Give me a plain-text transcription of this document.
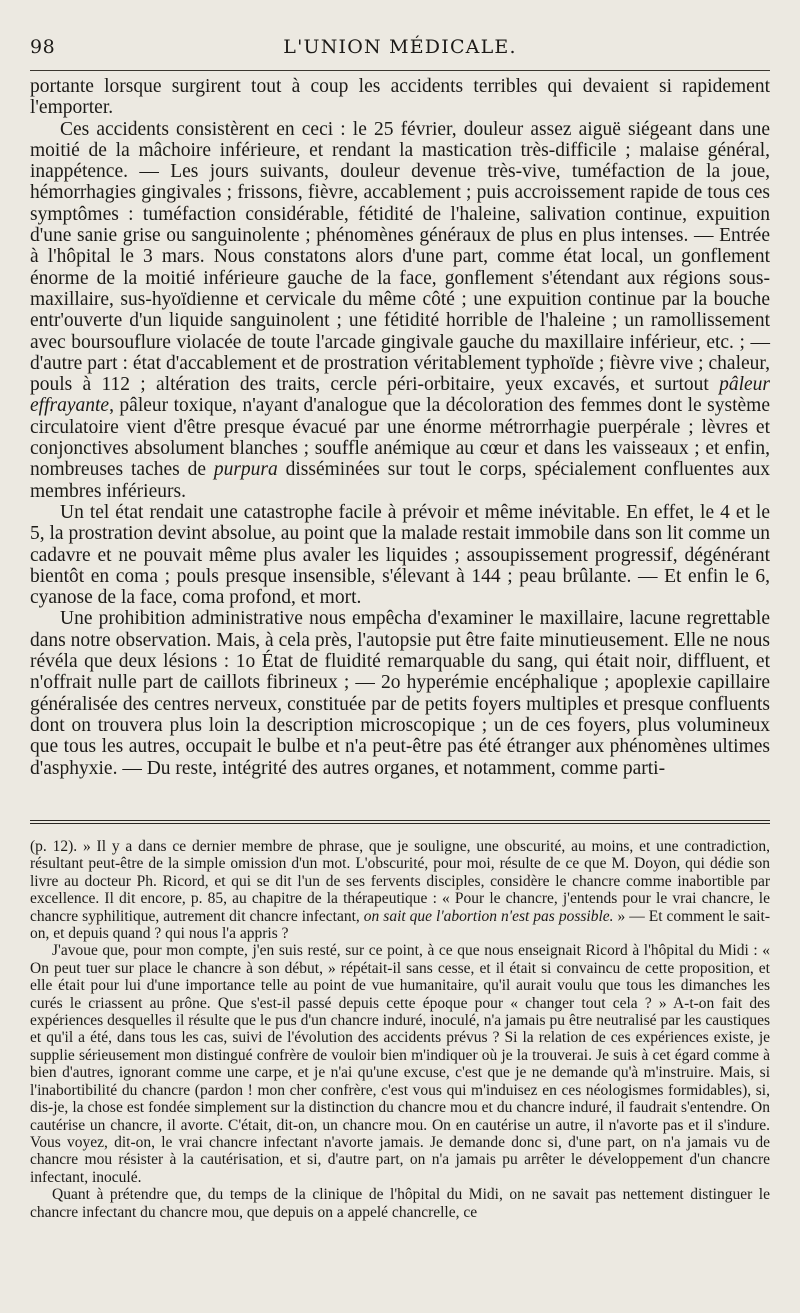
98	L'UNION MÉDICALE.

portante lorsque surgirent tout à coup les accidents terribles qui devaient si rapidement l'emporter.

Ces accidents consistèrent en ceci : le 25 février, douleur assez aiguë siégeant dans une moitié de la mâchoire inférieure, et rendant la mastication très-difficile ; malaise général, inappétence. — Les jours suivants, douleur devenue très-vive, tuméfaction de la joue, hémorrhagies gingivales ; frissons, fièvre, accablement ; puis accroissement rapide de tous ces symptômes : tuméfaction considérable, fétidité de l'haleine, salivation continue, expuition d'une sanie grise ou sanguinolente ; phénomènes généraux de plus en plus intenses. — Entrée à l'hôpital le 3 mars. Nous constatons alors d'une part, comme état local, un gonflement énorme de la moitié inférieure gauche de la face, gonflement s'étendant aux régions sous-maxillaire, sus-hyoïdienne et cervicale du même côté ; une expuition continue par la bouche entr'ouverte d'un liquide sanguinolent ; une fétidité horrible de l'haleine ; un ramollissement avec boursouflure violacée de toute l'arcade gingivale gauche du maxillaire inférieur, etc. ; — d'autre part : état d'accablement et de prostration véritablement typhoïde ; fièvre vive ; chaleur, pouls à 112 ; altération des traits, cercle péri-orbitaire, yeux excavés, et surtout pâleur effrayante, pâleur toxique, n'ayant d'analogue que la décoloration des femmes dont le système circulatoire vient d'être presque évacué par une énorme métrorrhagie puerpérale ; lèvres et conjonctives absolument blanches ; souffle anémique au cœur et dans les vaisseaux ; et enfin, nombreuses taches de purpura disséminées sur tout le corps, spécialement confluentes aux membres inférieurs.

Un tel état rendait une catastrophe facile à prévoir et même inévitable. En effet, le 4 et le 5, la prostration devint absolue, au point que la malade restait immobile dans son lit comme un cadavre et ne pouvait même plus avaler les liquides ; assoupissement progressif, dégénérant bientôt en coma ; pouls presque insensible, s'élevant à 144 ; peau brûlante. — Et enfin le 6, cyanose de la face, coma profond, et mort.

Une prohibition administrative nous empêcha d'examiner le maxillaire, lacune regrettable dans notre observation. Mais, à cela près, l'autopsie put être faite minutieusement. Elle ne nous révéla que deux lésions : 1o État de fluidité remarquable du sang, qui était noir, diffluent, et n'offrait nulle part de caillots fibrineux ; — 2o hyperémie encéphalique ; apoplexie capillaire généralisée des centres nerveux, constituée par de petits foyers multiples et presque confluents dont on trouvera plus loin la description microscopique ; un de ces foyers, plus volumineux que tous les autres, occupait le bulbe et n'a peut-être pas été étranger aux phénomènes ultimes d'asphyxie. — Du reste, intégrité des autres organes, et notamment, comme parti-

(p. 12). » Il y a dans ce dernier membre de phrase, que je souligne, une obscurité, au moins, et une contradiction, résultant peut-être de la simple omission d'un mot. L'obscurité, pour moi, résulte de ce que M. Doyon, qui dédie son livre au docteur Ph. Ricord, et qui se dit l'un de ses fervents disciples, considère le chancre comme inabortible par excellence. Il dit encore, p. 85, au chapitre de la thérapeutique : « Pour le chancre, j'entends pour le vrai chancre, le chancre syphilitique, autrement dit chancre infectant, on sait que l'abortion n'est pas possible. » — Et comment le sait-on, et depuis quand ? qui nous l'a appris ?

J'avoue que, pour mon compte, j'en suis resté, sur ce point, à ce que nous enseignait Ricord à l'hôpital du Midi : « On peut tuer sur place le chancre à son début, » répétait-il sans cesse, et il était si convaincu de cette proposition, et elle était pour lui d'une importance telle au point de vue humanitaire, qu'il aurait voulu que tous les dimanches les curés le criassent au prône. Que s'est-il passé depuis cette époque pour « changer tout cela ? » A-t-on fait des expériences desquelles il résulte que le pus d'un chancre induré, inoculé, n'a jamais pu être neutralisé par les caustiques et qu'il a été, dans tous les cas, suivi de l'évolution des accidents prévus ? Si la relation de ces expériences existe, je supplie sérieusement mon distingué confrère de vouloir bien m'indiquer où je la trouverai. Je suis à cet égard comme à bien d'autres, ignorant comme une carpe, et je n'ai qu'une excuse, c'est que je ne demande qu'à m'instruire. Mais, si l'inabortibilité du chancre (pardon ! mon cher confrère, c'est vous qui m'induisez en ces néologismes formidables), si, dis-je, la chose est fondée simplement sur la distinction du chancre mou et du chancre induré, il faudrait s'entendre. On cautérise un chancre, il avorte. C'était, dit-on, un chancre mou. On en cautérise un autre, il n'avorte pas et il s'indure. Vous voyez, dit-on, le vrai chancre infectant n'avorte jamais. Je demande donc si, d'une part, on n'a jamais vu de chancre mou résister à la cautérisation, et si, d'autre part, on n'a jamais pu arrêter le développement d'un chancre infectant, inoculé.

Quant à prétendre que, du temps de la clinique de l'hôpital du Midi, on ne savait pas nettement distinguer le chancre infectant du chancre mou, que depuis on a appelé chancrelle, ce
